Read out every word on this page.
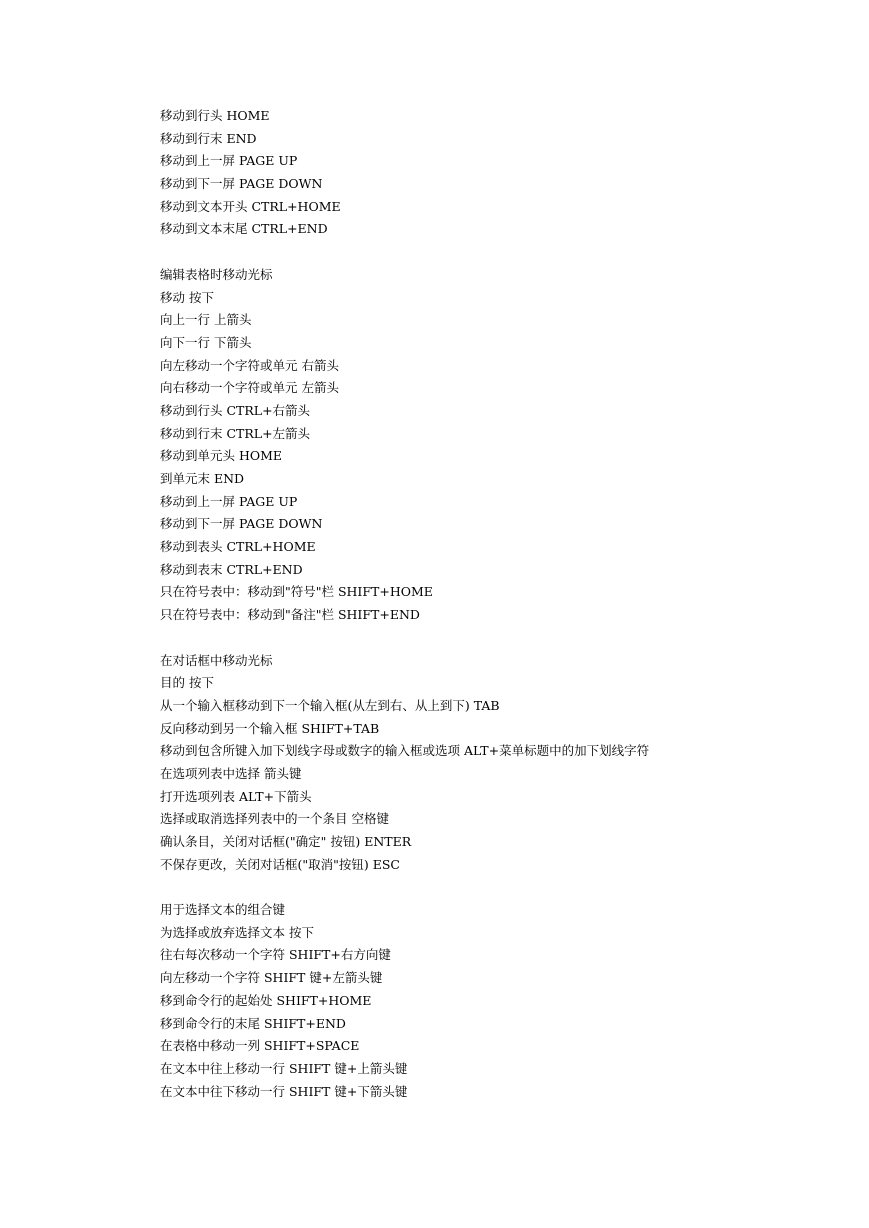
移动到行头 HOME
移动到行末 END
移动到上一屏 PAGE UP
移动到下一屏 PAGE DOWN
移动到文本开头 CTRL+HOME
移动到文本末尾 CTRL+END
编辑表格时移动光标
移动 按下
向上一行 上箭头
向下一行 下箭头
向左移动一个字符或单元 右箭头
向右移动一个字符或单元 左箭头
移动到行头 CTRL+右箭头
移动到行末 CTRL+左箭头
移动到单元头 HOME
到单元末 END
移动到上一屏 PAGE UP
移动到下一屏 PAGE DOWN
移动到表头 CTRL+HOME
移动到表末 CTRL+END
只在符号表中：移动到"符号"栏 SHIFT+HOME
只在符号表中：移动到"备注"栏 SHIFT+END
在对话框中移动光标
目的 按下
从一个输入框移动到下一个输入框(从左到右、从上到下) TAB
反向移动到另一个输入框 SHIFT+TAB
移动到包含所键入加下划线字母或数字的输入框或选项 ALT+菜单标题中的加下划线字符
在选项列表中选择 箭头键
打开选项列表 ALT+下箭头
选择或取消选择列表中的一个条目 空格键
确认条目，关闭对话框("确定" 按钮) ENTER
不保存更改，关闭对话框("取消"按钮) ESC
用于选择文本的组合键
为选择或放弃选择文本 按下
往右每次移动一个字符 SHIFT+右方向键
向左移动一个字符 SHIFT 键+左箭头键
移到命令行的起始处 SHIFT+HOME
移到命令行的末尾 SHIFT+END
在表格中移动一列 SHIFT+SPACE
在文本中往上移动一行 SHIFT 键+上箭头键
在文本中往下移动一行 SHIFT 键+下箭头键
